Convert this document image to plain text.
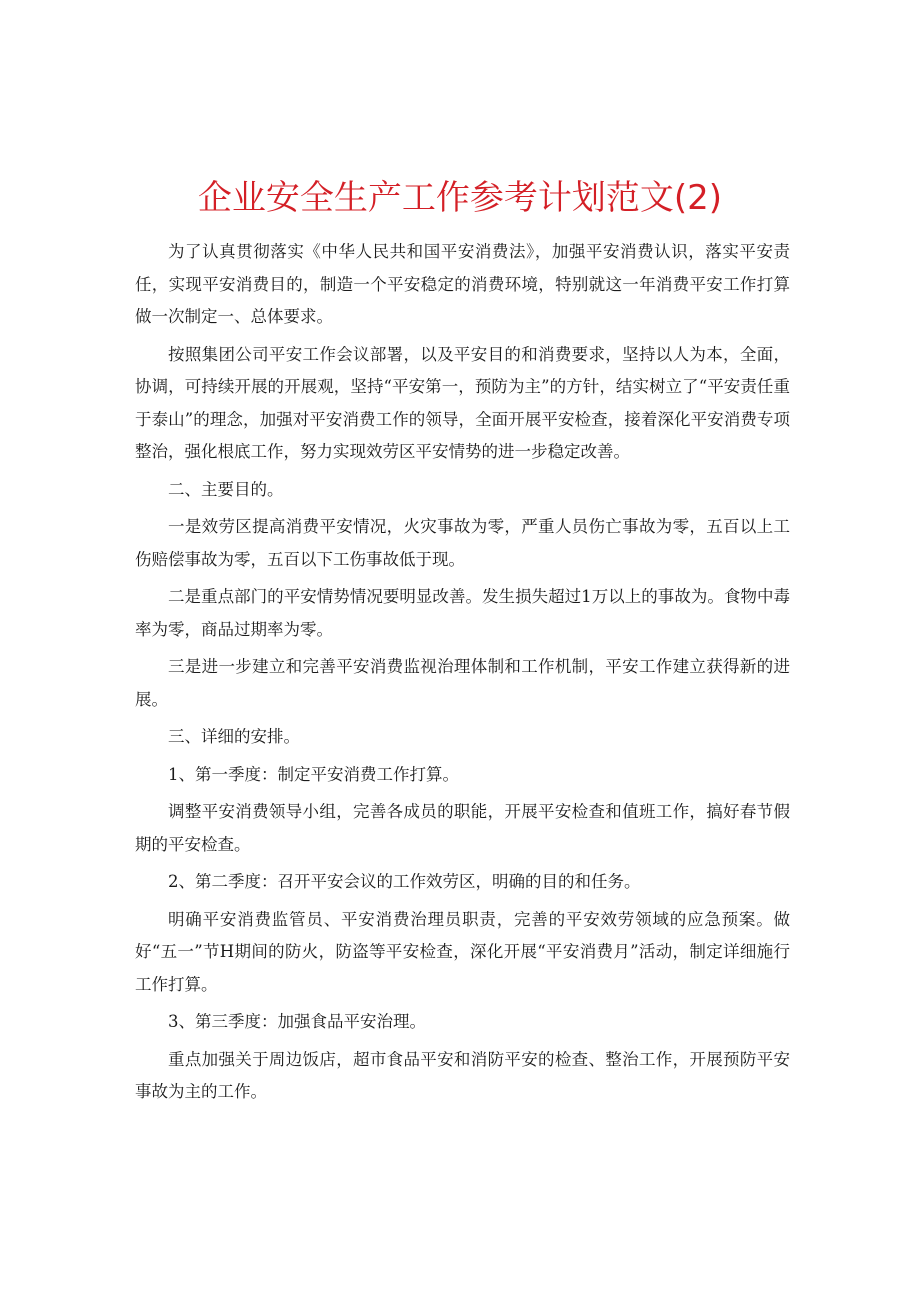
企业安全生产工作参考计划范文(2)

为了认真贯彻落实《中华人民共和国平安消费法》，加强平安消费认识，落实平安责任，实现平安消费目的，制造一个平安稳定的消费环境，特别就这一年消费平安工作打算做一次制定一、总体要求。

按照集团公司平安工作会议部署，以及平安目的和消费要求，坚持以人为本，全面，协调，可持续开展的开展观，坚持“平安第一，预防为主”的方针，结实树立了“平安责任重于泰山”的理念，加强对平安消费工作的领导，全面开展平安检查，接着深化平安消费专项整治，强化根底工作，努力实现效劳区平安情势的进一步稳定改善。

二、主要目的。

一是效劳区提高消费平安情况，火灾事故为零，严重人员伤亡事故为零，五百以上工伤赔偿事故为零，五百以下工伤事故低于现。

二是重点部门的平安情势情况要明显改善。发生损失超过1万以上的事故为。食物中毒率为零，商品过期率为零。

三是进一步建立和完善平安消费监视治理体制和工作机制，平安工作建立获得新的进展。

三、详细的安排。

1、第一季度：制定平安消费工作打算。

调整平安消费领导小组，完善各成员的职能，开展平安检查和值班工作，搞好春节假期的平安检查。

2、第二季度：召开平安会议的工作效劳区，明确的目的和任务。

明确平安消费监管员、平安消费治理员职责，完善的平安效劳领域的应急预案。做好“五一”节H期间的防火，防盗等平安检查，深化开展“平安消费月”活动，制定详细施行工作打算。

3、第三季度：加强食品平安治理。

重点加强关于周边饭店，超市食品平安和消防平安的检查、整治工作，开展预防平安事故为主的工作。
